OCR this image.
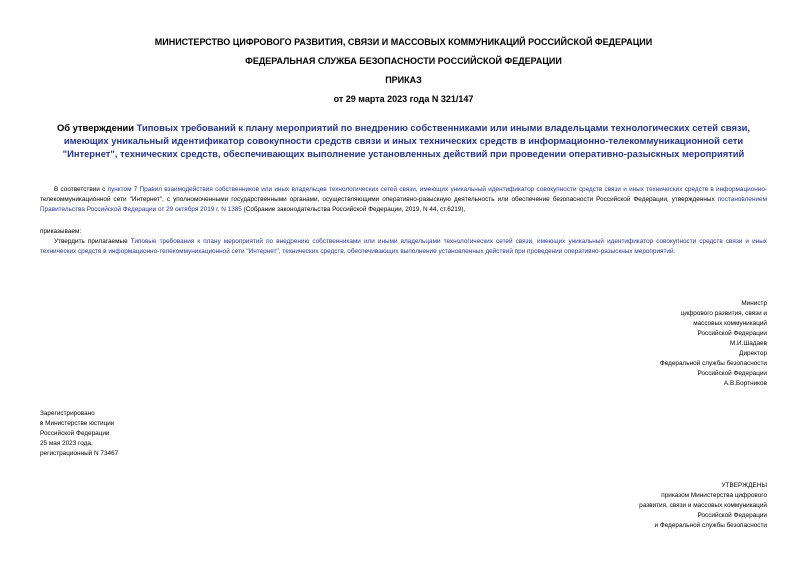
МИНИСТЕРСТВО ЦИФРОВОГО РАЗВИТИЯ, СВЯЗИ И МАССОВЫХ КОММУНИКАЦИЙ РОССИЙСКОЙ ФЕДЕРАЦИИ
ФЕДЕРАЛЬНАЯ СЛУЖБА БЕЗОПАСНОСТИ РОССИЙСКОЙ ФЕДЕРАЦИИ
ПРИКАЗ
от 29 марта 2023 года N 321/147
Об утверждении Типовых требований к плану мероприятий по внедрению собственниками или иными владельцами технологических сетей связи, имеющих уникальный идентификатор совокупности средств связи и иных технических средств в информационно-телекоммуникационной сети "Интернет", технических средств, обеспечивающих выполнение установленных действий при проведении оперативно-разыскных мероприятий
В соответствии с пунктом 7 Правил взаимодействия собственников или иных владельцев технологических сетей связи, имеющих уникальный идентификатор совокупности средств связи и иных технических средств в информационно-телекоммуникационной сети "Интернет", с уполномоченными государственными органами, осуществляющими оперативно-разыскную деятельность или обеспечение безопасности Российской Федерации, утвержденных постановлением Правительства Российской Федерации от 29 октября 2019 г. N 1385 (Собрание законодательства Российской Федерации, 2019, N 44, ст.6219),
приказываем:
Утвердить прилагаемые Типовые требования к плану мероприятий по внедрению собственниками или иными владельцами технологических сетей связи, имеющих уникальный идентификатор совокупности средств связи и иных технических средств в информационно-телекоммуникационной сети "Интернет", технических средств, обеспечивающих выполнение установленных действий при проведении оперативно-разыскных мероприятий.
Министр
цифрового развития, связи и
массовых коммуникаций
Российской Федерации
М.И.Шадаев
Директор
Федеральной службы безопасности
Российской Федерации
А.В.Бортников
Зарегистрировано
в Министерстве юстиции
Российской Федерации
25 мая 2023 года,
регистрационный N 73467
УТВЕРЖДЕНЫ
приказом Министерства цифрового
развития, связи и массовых коммуникаций
Российской Федерации
и Федеральной службы безопасности
